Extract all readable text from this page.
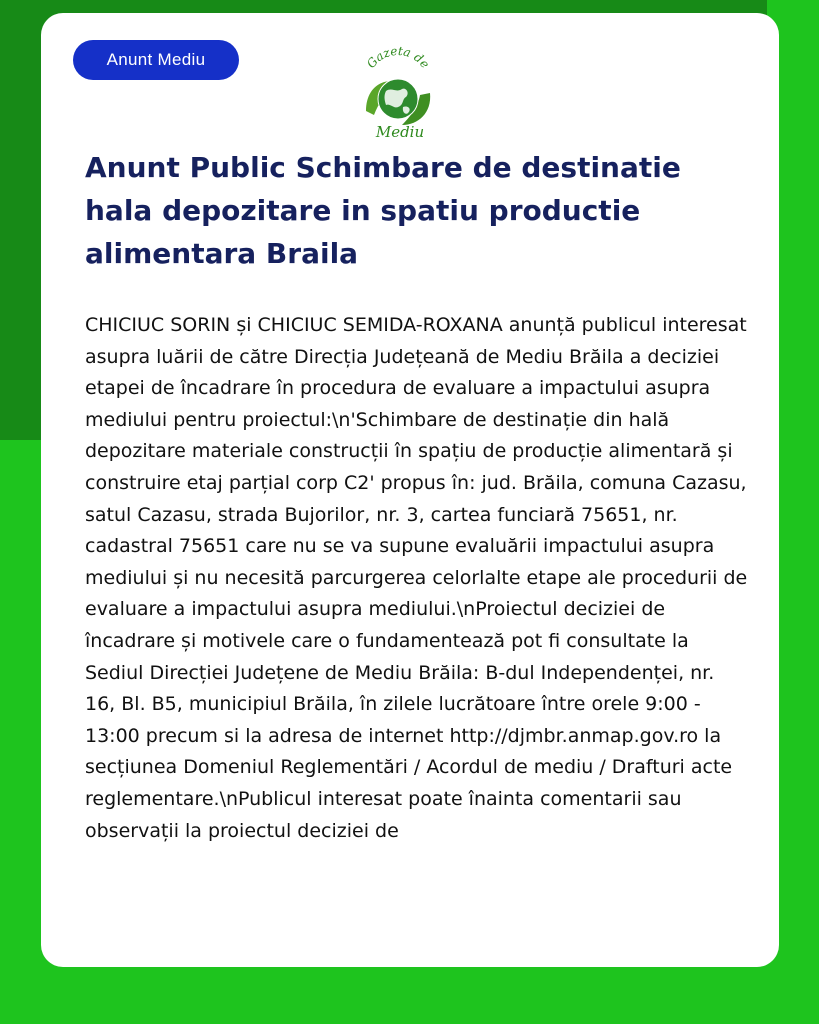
Anunt Mediu	Gazeta de
Mediu
Anunt Public Schimbare de destinatie hala depozitare in spatiu productie alimentara Braila

CHICIUC SORIN și CHICIUC SEMIDA-ROXANA anunță publicul interesat asupra luării de către Direcția Județeană de Mediu Brăila a deciziei etapei de încadrare în procedura de evaluare a impactului asupra mediului pentru proiectul:\n'Schimbare de destinație din hală depozitare materiale construcții în spațiu de producție alimentară și construire etaj parțial corp C2' propus în: jud. Brăila, comuna Cazasu, satul Cazasu, strada Bujorilor, nr. 3, cartea funciară 75651, nr. cadastral 75651 care nu se va supune evaluării impactului asupra mediului și nu necesită parcurgerea celorlalte etape ale procedurii de evaluare a impactului asupra mediului.\nProiectul deciziei de încadrare și motivele care o fundamentează pot fi consultate la Sediul Direcției Județene de Mediu Brăila: B-dul Independenței, nr. 16, Bl. B5, municipiul Brăila, în zilele lucrătoare între orele 9:00 - 13:00 precum si la adresa de internet http://djmbr.anmap.gov.ro la secțiunea Domeniul Reglementări / Acordul de mediu / Drafturi acte reglementare.\nPublicul interesat poate înainta comentarii sau observații la proiectul deciziei de
